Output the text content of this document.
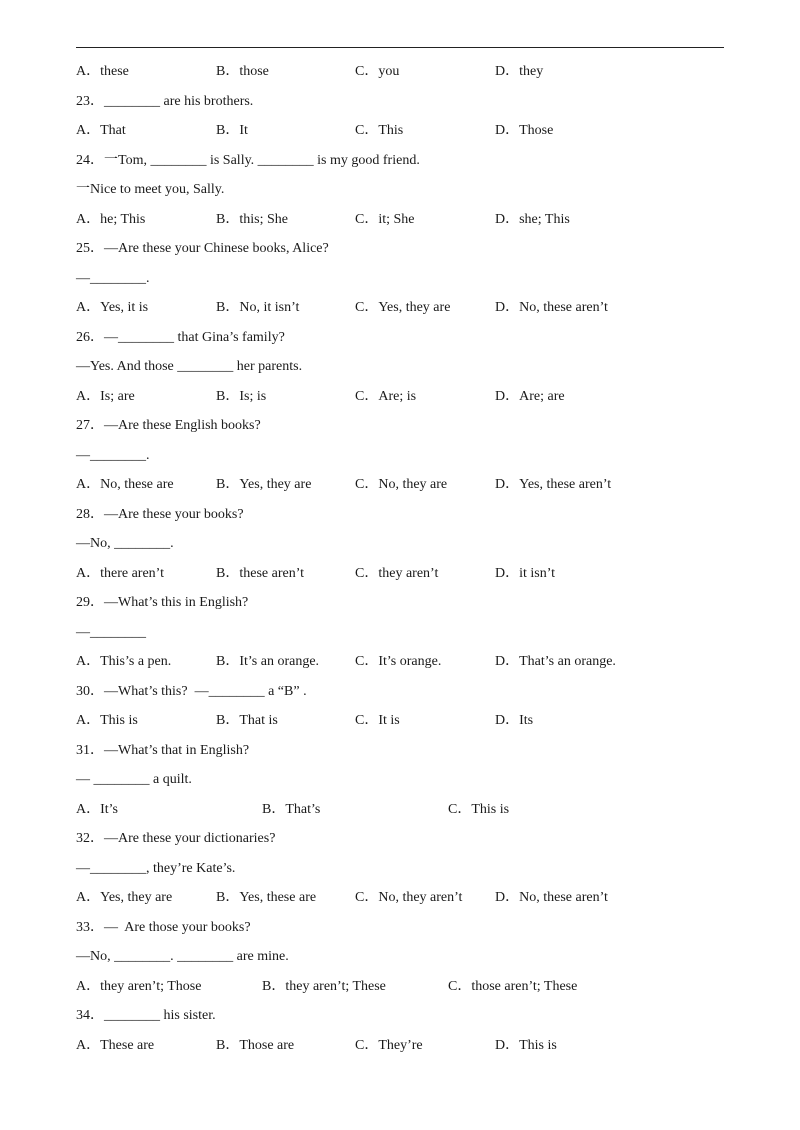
A．these	B．those	C．you	D．they
23．________ are his brothers.
A．That	B．It	C．This	D．Those
24．一Tom, ________ is Sally. ________ is my good friend.
一Nice to meet you, Sally.
A．he; This	B．this; She	C．it; She	D．she; This
25．—Are these your Chinese books, Alice?
—________.
A．Yes, it is	B．No, it isn’t	C．Yes, they are	D．No, these aren’t
26．—________ that Gina’s family?
—Yes. And those ________ her parents.
A．Is; are	B．Is; is	C．Are; is	D．Are; are
27．—Are these English books?
—________.
A．No, these are	B．Yes, they are	C．No, they are	D．Yes, these aren’t
28．—Are these your books?
—No, ________.
A．there aren’t	B．these aren’t	C．they aren’t	D．it isn’t
29．—What’s this in English?
—________
A．This’s a pen.	B．It’s an orange.	C．It’s orange.	D．That’s an orange.
30．—What’s this?  —________ a “B” .
A．This is	B．That is	C．It is	D．Its
31．—What’s that in English?
— ________ a quilt.
A．It’s	B．That’s	C．This is
32．—Are these your dictionaries?
—________, they’re Kate’s.
A．Yes, they are	B．Yes, these are	C．No, they aren’t D．No, these aren’t
33．—  Are those your books?
—No, ________. ________ are mine.
A．they aren’t; Those	B．they aren’t; These	C．those aren’t; These
34．________ his sister.
A．These are	B．Those are	C．They’re	D．This is
